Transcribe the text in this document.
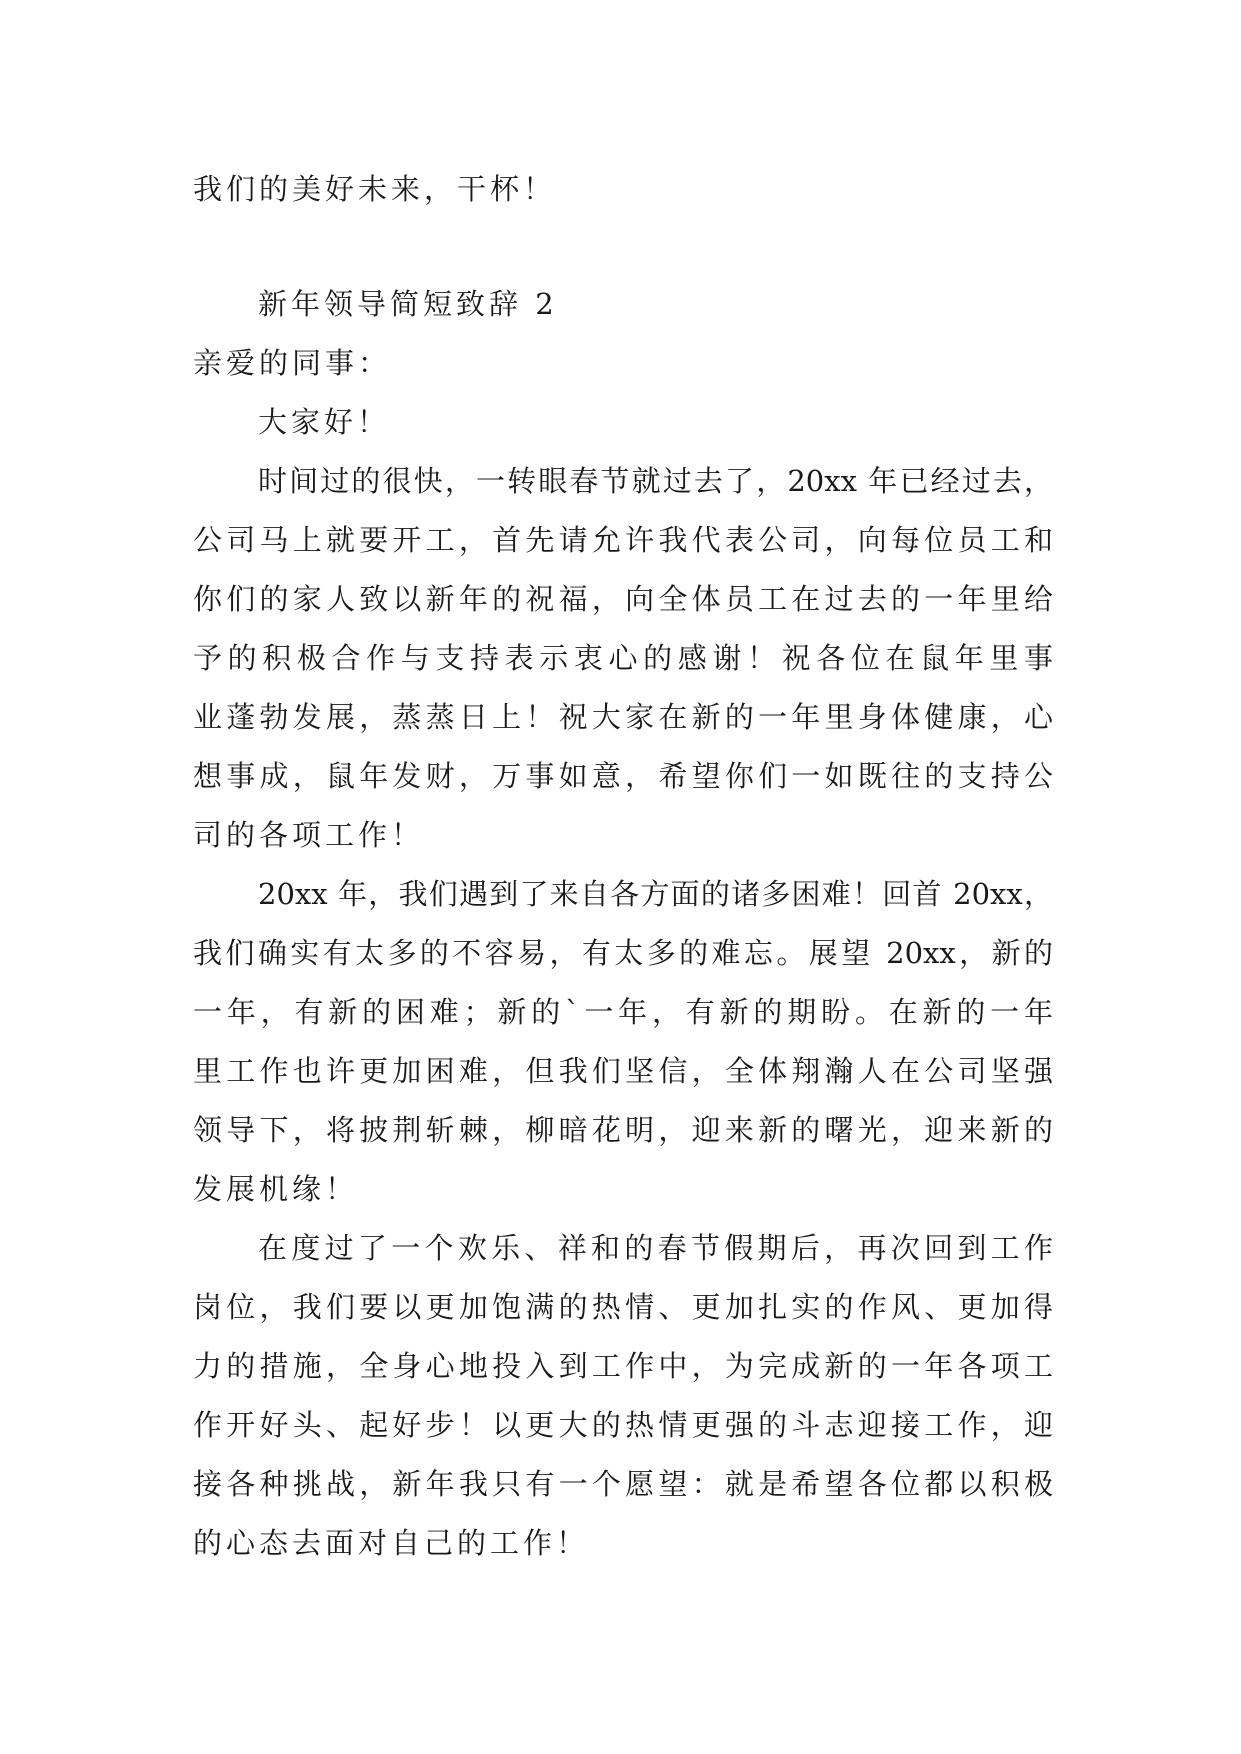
我们的美好未来，干杯！
新年领导简短致辞 2
亲爱的同事：
大家好！
时间过的很快，一转眼春节就过去了，20xx 年已经过去，
公司马上就要开工，首先请允许我代表公司，向每位员工和
你们的家人致以新年的祝福，向全体员工在过去的一年里给
予的积极合作与支持表示衷心的感谢！祝各位在鼠年里事
业蓬勃发展，蒸蒸日上！祝大家在新的一年里身体健康，心
想事成，鼠年发财，万事如意，希望你们一如既往的支持公
司的各项工作！
20xx 年，我们遇到了来自各方面的诸多困难！回首 20xx，
我们确实有太多的不容易，有太多的难忘。展望 20xx，新的
一年，有新的困难；新的`一年，有新的期盼。在新的一年
里工作也许更加困难，但我们坚信，全体翔瀚人在公司坚强
领导下，将披荆斩棘，柳暗花明，迎来新的曙光，迎来新的
发展机缘！
在度过了一个欢乐、祥和的春节假期后，再次回到工作
岗位，我们要以更加饱满的热情、更加扎实的作风、更加得
力的措施，全身心地投入到工作中，为完成新的一年各项工
作开好头、起好步！以更大的热情更强的斗志迎接工作，迎
接各种挑战，新年我只有一个愿望：就是希望各位都以积极
的心态去面对自己的工作！
